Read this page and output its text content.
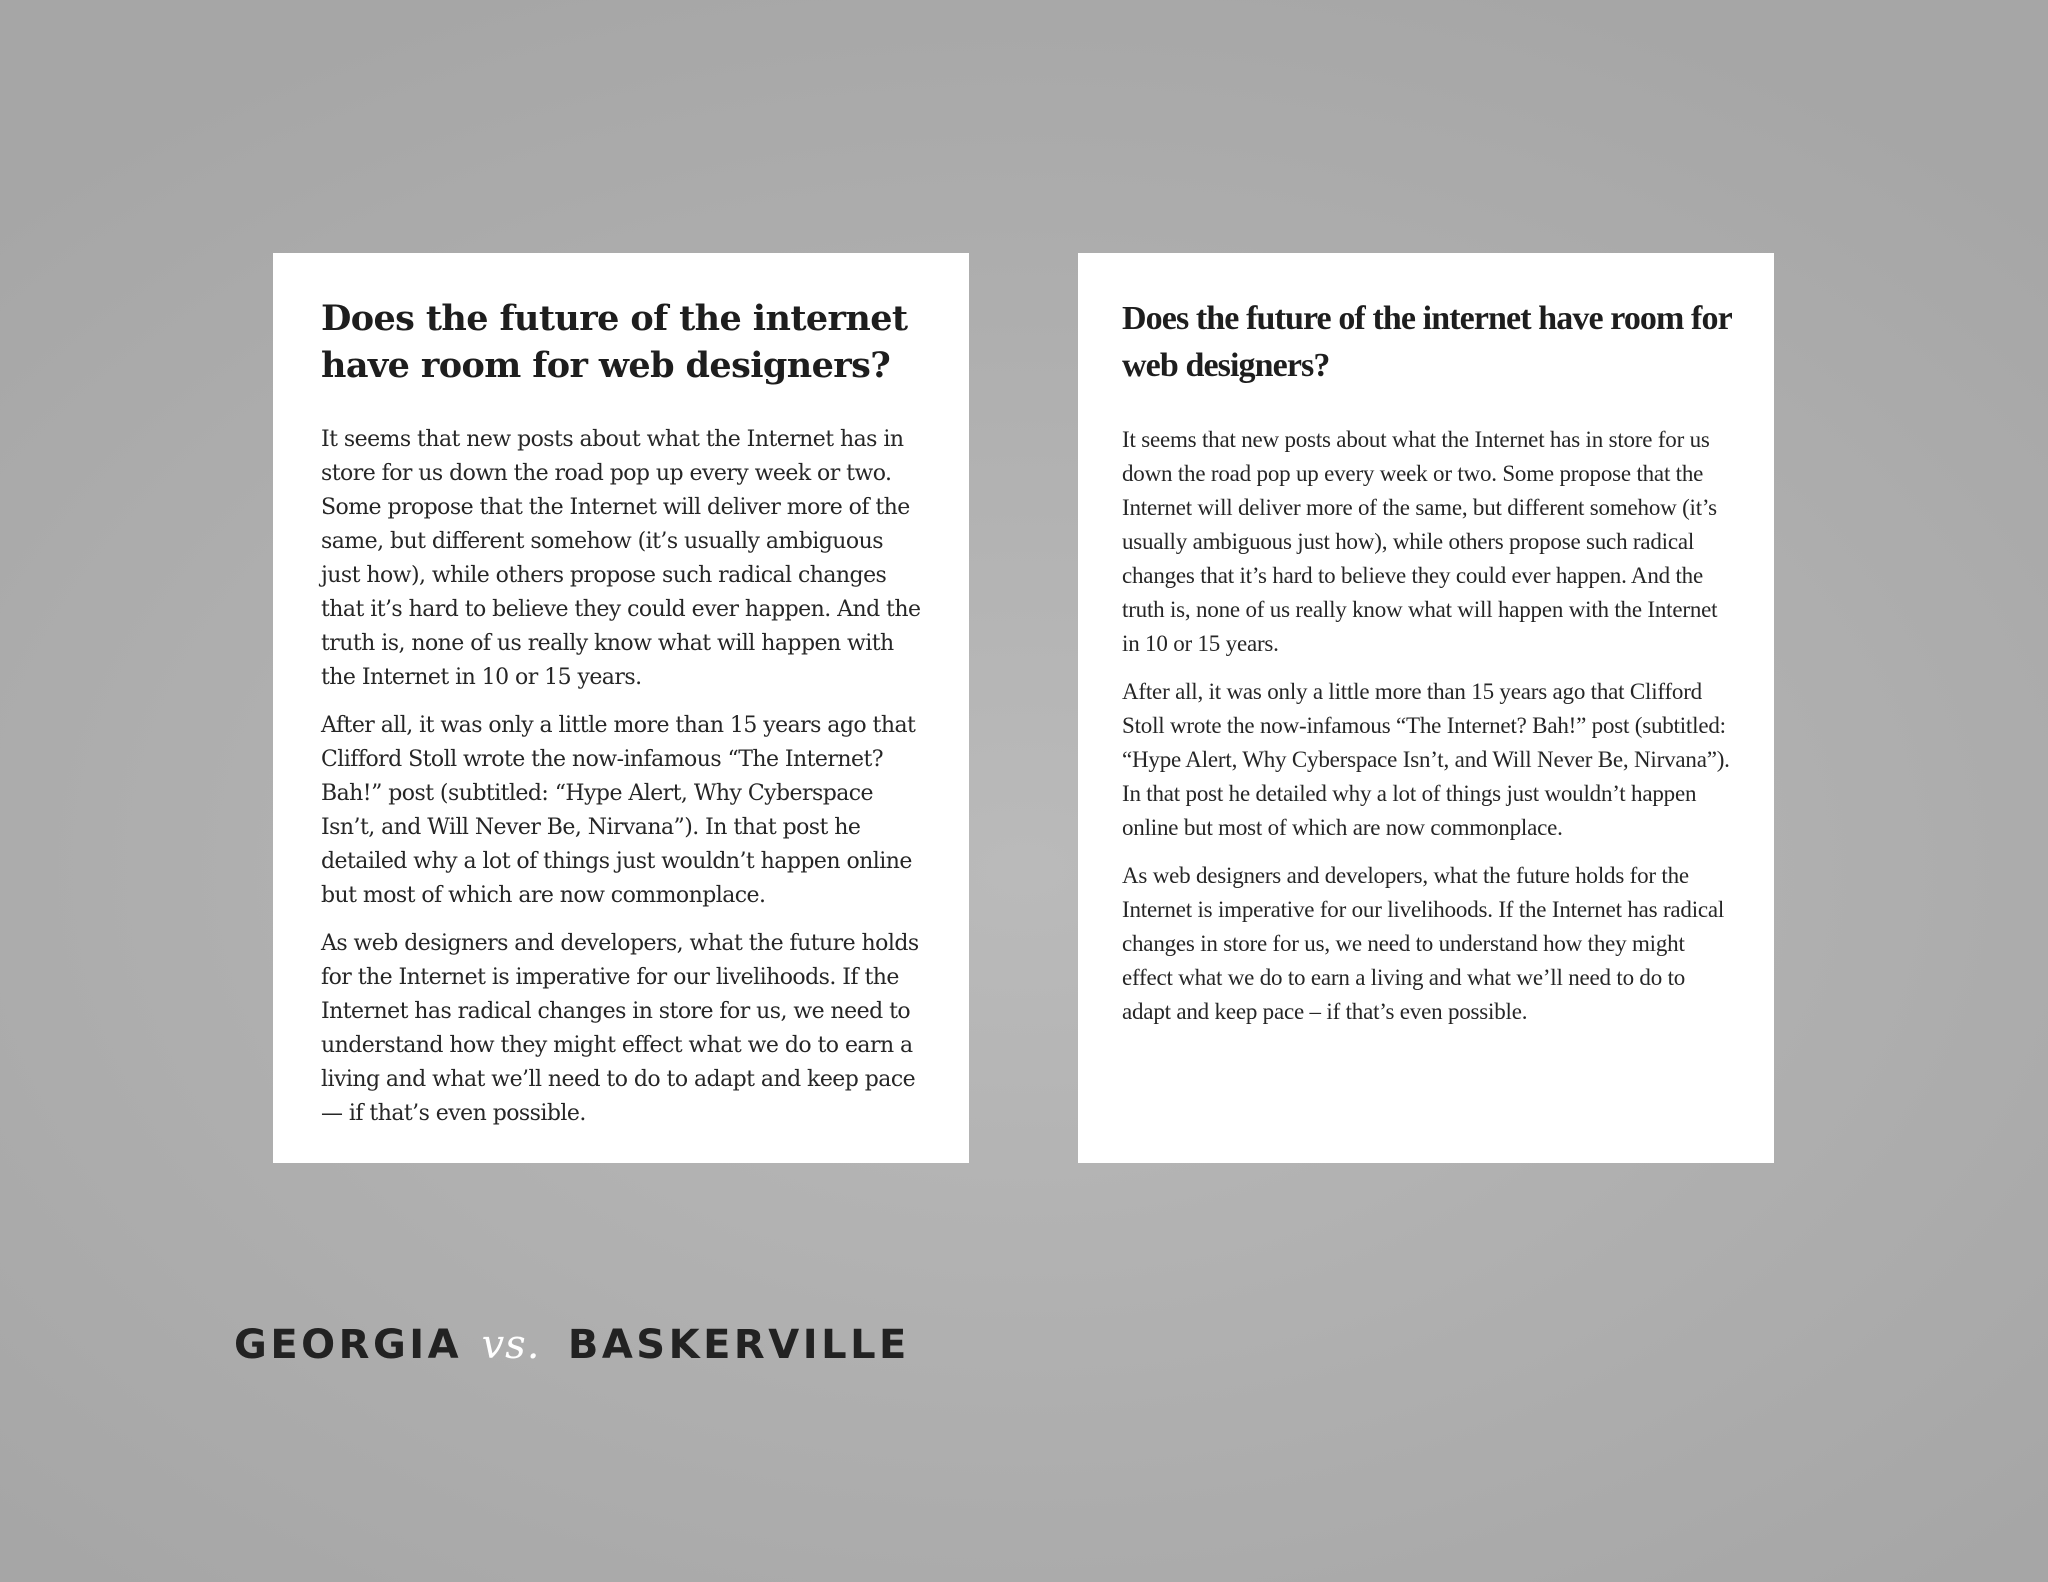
Does the future of the internet have room for web designers?

It seems that new posts about what the Internet has in store for us down the road pop up every week or two. Some propose that the Internet will deliver more of the same, but different somehow (it’s usually ambiguous just how), while others propose such radical changes that it’s hard to believe they could ever happen. And the truth is, none of us really know what will happen with the Internet in 10 or 15 years.

After all, it was only a little more than 15 years ago that Clifford Stoll wrote the now-infamous “The Internet? Bah!” post (subtitled: “Hype Alert, Why Cyberspace Isn’t, and Will Never Be, Nirvana”). In that post he detailed why a lot of things just wouldn’t happen online but most of which are now commonplace.

As web designers and developers, what the future holds for the Internet is imperative for our livelihoods. If the Internet has radical changes in store for us, we need to understand how they might effect what we do to earn a living and what we’ll need to do to adapt and keep pace — if that’s even possible.

Does the future of the internet have room for web designers?

It seems that new posts about what the Internet has in store for us down the road pop up every week or two. Some propose that the Internet will deliver more of the same, but different somehow (it’s usually ambiguous just how), while others propose such radical changes that it’s hard to believe they could ever happen. And the truth is, none of us really know what will happen with the Internet in 10 or 15 years.

After all, it was only a little more than 15 years ago that Clifford Stoll wrote the now-infamous “The Internet? Bah!” post (subtitled: “Hype Alert, Why Cyberspace Isn’t, and Will Never Be, Nirvana”). In that post he detailed why a lot of things just wouldn’t happen online but most of which are now commonplace.

As web designers and developers, what the future holds for the Internet is imperative for our livelihoods. If the Internet has radical changes in store for us, we need to understand how they might effect what we do to earn a living and what we’ll need to do to adapt and keep pace – if that’s even possible.

GEORGIA vs. BASKERVILLE
